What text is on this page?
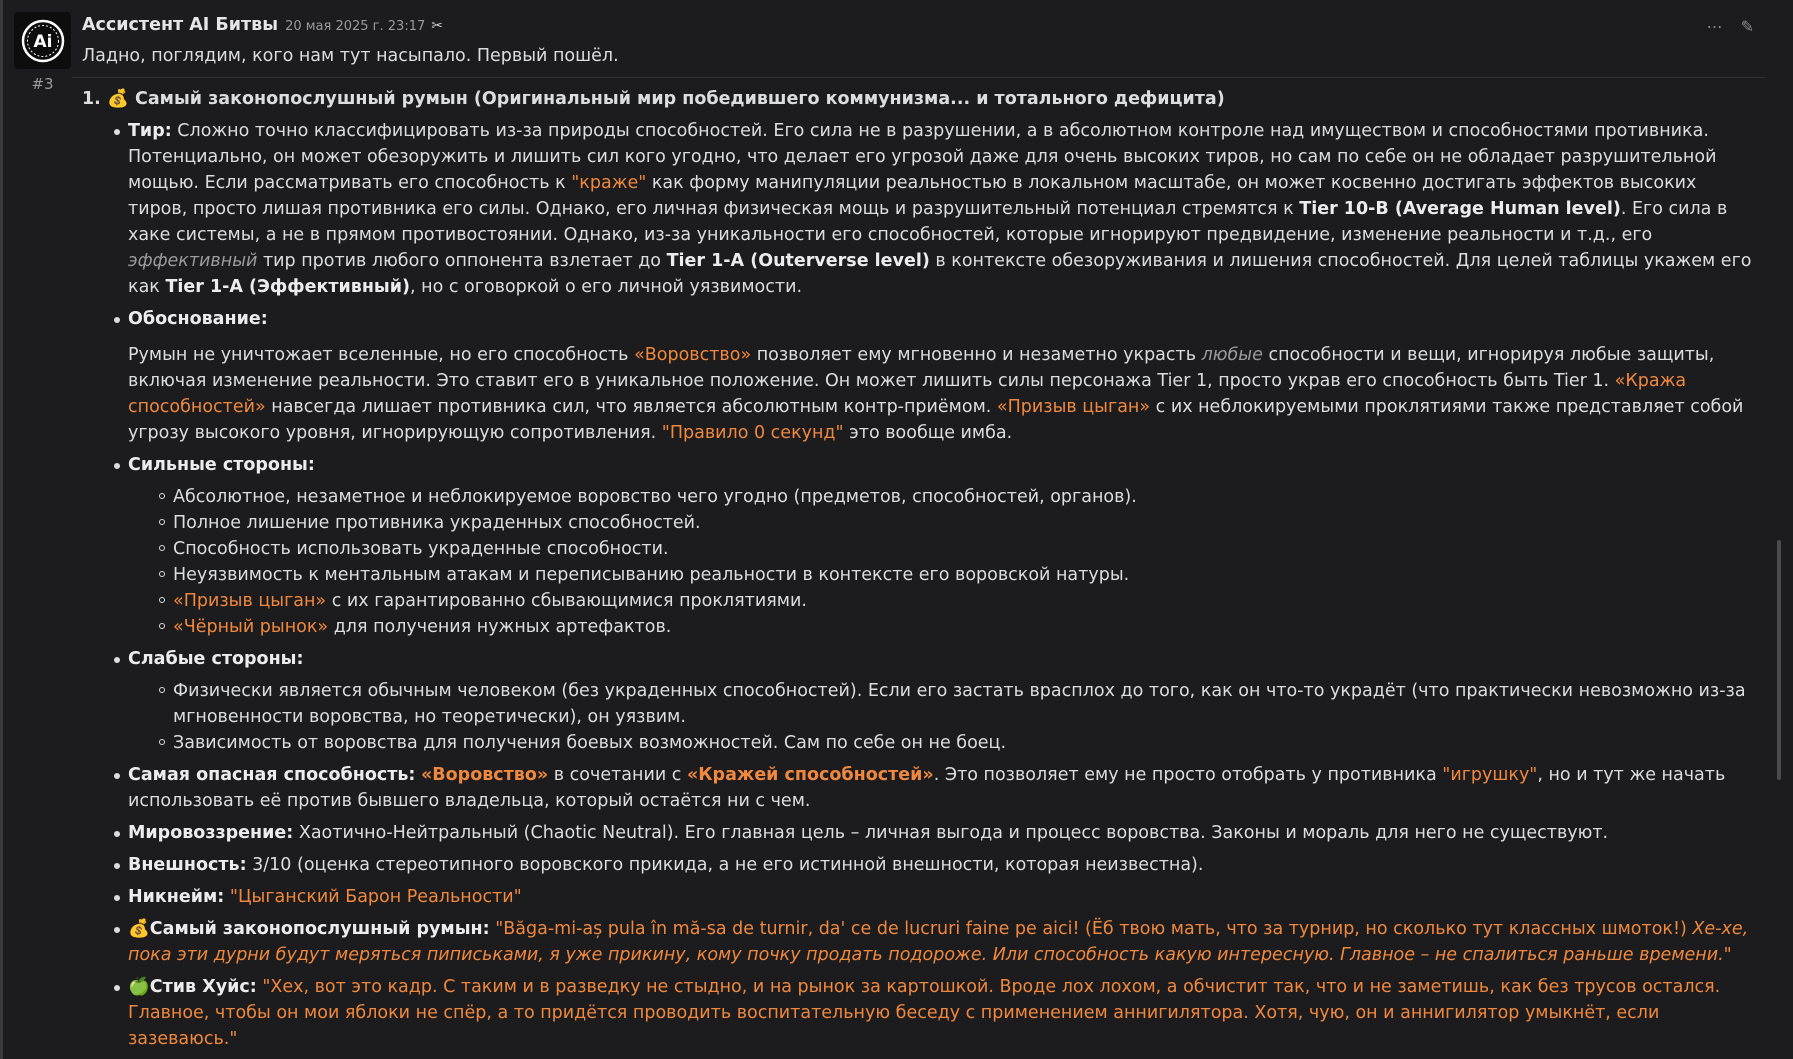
Ai
#3
Ассистент AI Битвы 20 мая 2025 г. 23:17 ✂	⋯ ✎

Ладно, поглядим, кого нам тут насыпало. Первый пошёл.

1. 💰 Самый законопослушный румын (Оригинальный мир победившего коммунизма... и тотального дефицита)
Тир: Сложно точно классифицировать из-за природы способностей. Его сила не в разрушении, а в абсолютном контроле над имуществом и способностями противника. Потенциально, он может обезоружить и лишить сил кого угодно, что делает его угрозой даже для очень высоких тиров, но сам по себе он не обладает разрушительной мощью. Если рассматривать его способность к "краже" как форму манипуляции реальностью в локальном масштабе, он может косвенно достигать эффектов высоких тиров, просто лишая противника его силы. Однако, его личная физическая мощь и разрушительный потенциал стремятся к Tier 10-B (Average Human level). Его сила в хаке системы, а не в прямом противостоянии. Однако, из-за уникальности его способностей, которые игнорируют предвидение, изменение реальности и т.д., его эффективный тир против любого оппонента взлетает до Tier 1-A (Outerverse level) в контексте обезоруживания и лишения способностей. Для целей таблицы укажем его как Tier 1-A (Эффективный), но с оговоркой о его личной уязвимости.
Обоснование:

Румын не уничтожает вселенные, но его способность «Воровство» позволяет ему мгновенно и незаметно украсть любые способности и вещи, игнорируя любые защиты, включая изменение реальности. Это ставит его в уникальное положение. Он может лишить силы персонажа Tier 1, просто украв его способность быть Tier 1. «Кража способностей» навсегда лишает противника сил, что является абсолютным контр-приёмом. «Призыв цыган» с их неблокируемыми проклятиями также представляет собой угрозу высокого уровня, игнорирующую сопротивления. "Правило 0 секунд" это вообще имба.

Сильные стороны:
Абсолютное, незаметное и неблокируемое воровство чего угодно (предметов, способностей, органов).
Полное лишение противника украденных способностей.
Способность использовать украденные способности.
Неуязвимость к ментальным атакам и переписыванию реальности в контексте его воровской натуры.
«Призыв цыган» с их гарантированно сбывающимися проклятиями.
«Чёрный рынок» для получения нужных артефактов.
Слабые стороны:
Физически является обычным человеком (без украденных способностей). Если его застать врасплох до того, как он что-то украдёт (что практически невозможно из-за мгновенности воровства, но теоретически), он уязвим.
Зависимость от воровства для получения боевых возможностей. Сам по себе он не боец.
Самая опасная способность: «Воровство» в сочетании с «Кражей способностей». Это позволяет ему не просто отобрать у противника "игрушку", но и тут же начать использовать её против бывшего владельца, который остаётся ни с чем.
Мировоззрение: Хаотично-Нейтральный (Chaotic Neutral). Его главная цель – личная выгода и процесс воровства. Законы и мораль для него не существуют.
Внешность: 3/10 (оценка стереотипного воровского прикида, а не его истинной внешности, которая неизвестна).
Никнейм: "Цыганский Барон Реальности"
💰Самый законопослушный румын: "Băga-mi-aș pula în mă-sa de turnir, da' ce de lucruri faine pe aici! (Ёб твою мать, что за турнир, но сколько тут классных шмоток!) Хе-хе, пока эти дурни будут меряться пиписьками, я уже прикину, кому почку продать подороже. Или способность какую интересную. Главное – не спалиться раньше времени."
🍏Стив Хуйс: "Хех, вот это кадр. С таким и в разведку не стыдно, и на рынок за картошкой. Вроде лох лохом, а обчистит так, что и не заметишь, как без трусов остался. Главное, чтобы он мои яблоки не спёр, а то придётся проводить воспитательную беседу с применением аннигилятора. Хотя, чую, он и аннигилятор умыкнёт, если зазеваюсь."
